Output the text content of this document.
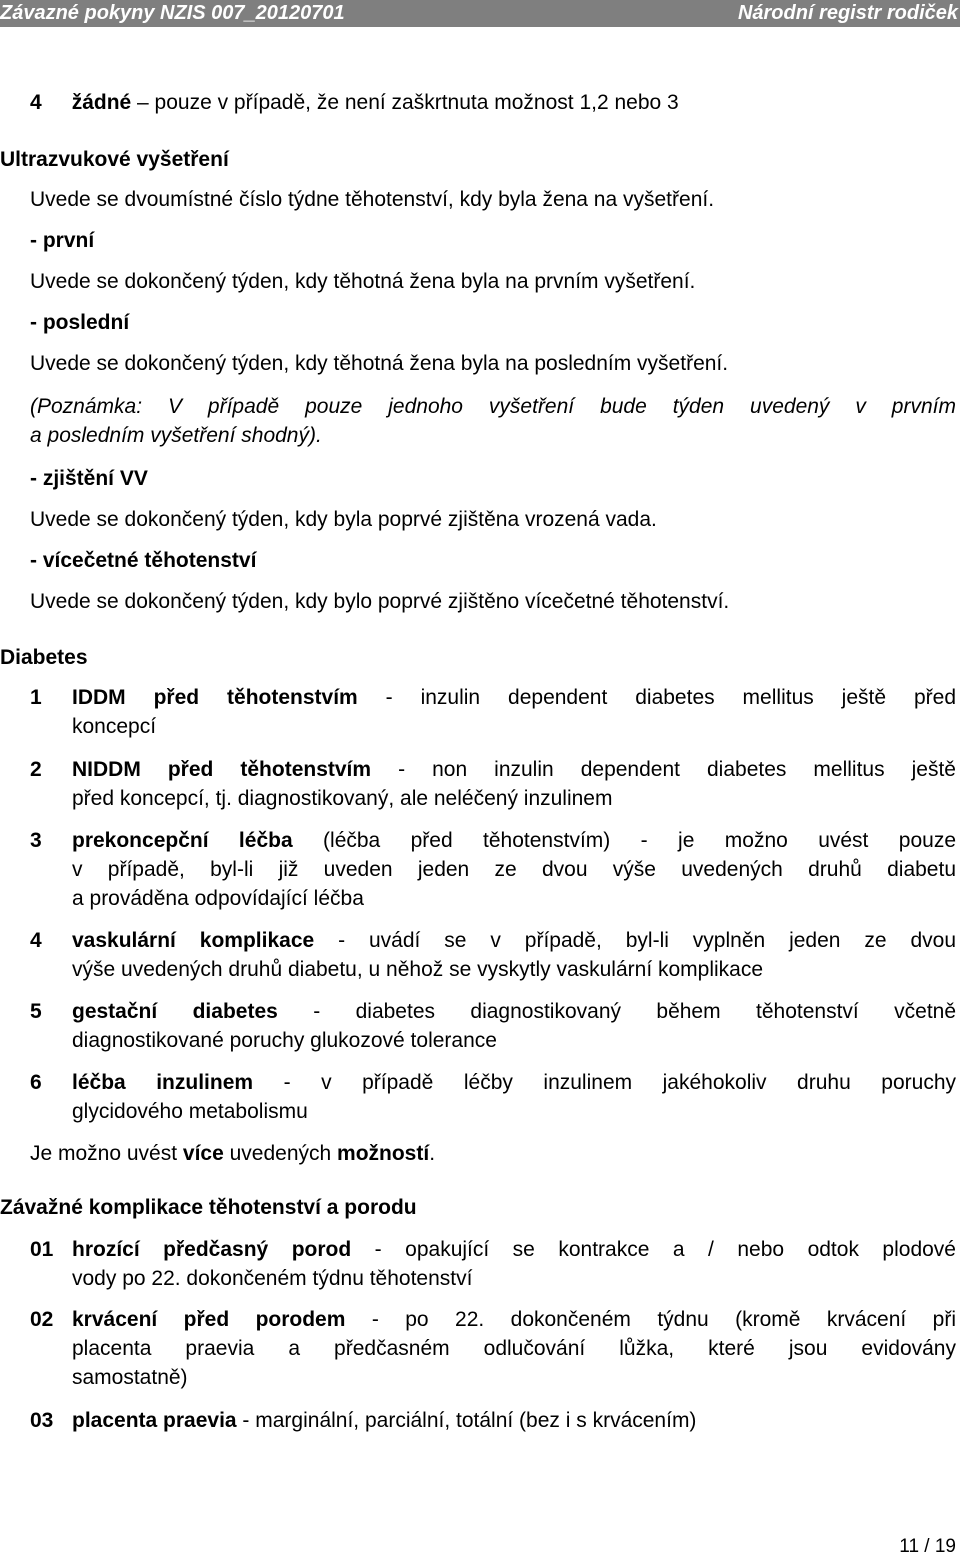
Závazné pokyny NZIS 007_20120701	Národní registr rodiček
4 žádné – pouze v případě, že není zaškrtnuta možnost 1,2 nebo 3
Ultrazvukové vyšetření
Uvede se dvoumístné číslo týdne těhotenství, kdy byla žena na vyšetření.
- první
Uvede se dokončený týden, kdy těhotná žena byla na prvním vyšetření.
- poslední
Uvede se dokončený týden, kdy těhotná žena byla na posledním vyšetření.
(Poznámka: V případě pouze jednoho vyšetření bude týden uvedený v prvním
a posledním vyšetření shodný).
- zjištění VV
Uvede se dokončený týden, kdy byla poprvé zjištěna vrozená vada.
- vícečetné těhotenství
Uvede se dokončený týden, kdy bylo poprvé zjištěno vícečetné těhotenství.
Diabetes
1 IDDM před těhotenstvím - inzulin dependent diabetes mellitus ještě před
koncepcí
2 NIDDM před těhotenstvím - non inzulin dependent diabetes mellitus ještě
před koncepcí, tj. diagnostikovaný, ale neléčený inzulinem
3 prekoncepční léčba (léčba před těhotenstvím) - je možno uvést pouze
v případě, byl-li již uveden jeden ze dvou výše uvedených druhů diabetu
a prováděna odpovídající léčba
4 vaskulární komplikace - uvádí se v případě, byl-li vyplněn jeden ze dvou
výše uvedených druhů diabetu, u něhož se vyskytly vaskulární komplikace
5 gestační diabetes - diabetes diagnostikovaný během těhotenství včetně
diagnostikované poruchy glukozové tolerance
6 léčba inzulinem - v případě léčby inzulinem jakéhokoliv druhu poruchy
glycidového metabolismu
Je možno uvést více uvedených možností.
Závažné komplikace těhotenství a porodu
01 hrozící předčasný porod - opakující se kontrakce a / nebo odtok plodové
vody po 22. dokončeném týdnu těhotenství
02 krvácení před porodem - po 22. dokončeném týdnu (kromě krvácení při
placenta praevia a předčasném odlučování lůžka, které jsou evidovány
samostatně)
03 placenta praevia - marginální, parciální, totální (bez i s krvácením)
11 / 19
